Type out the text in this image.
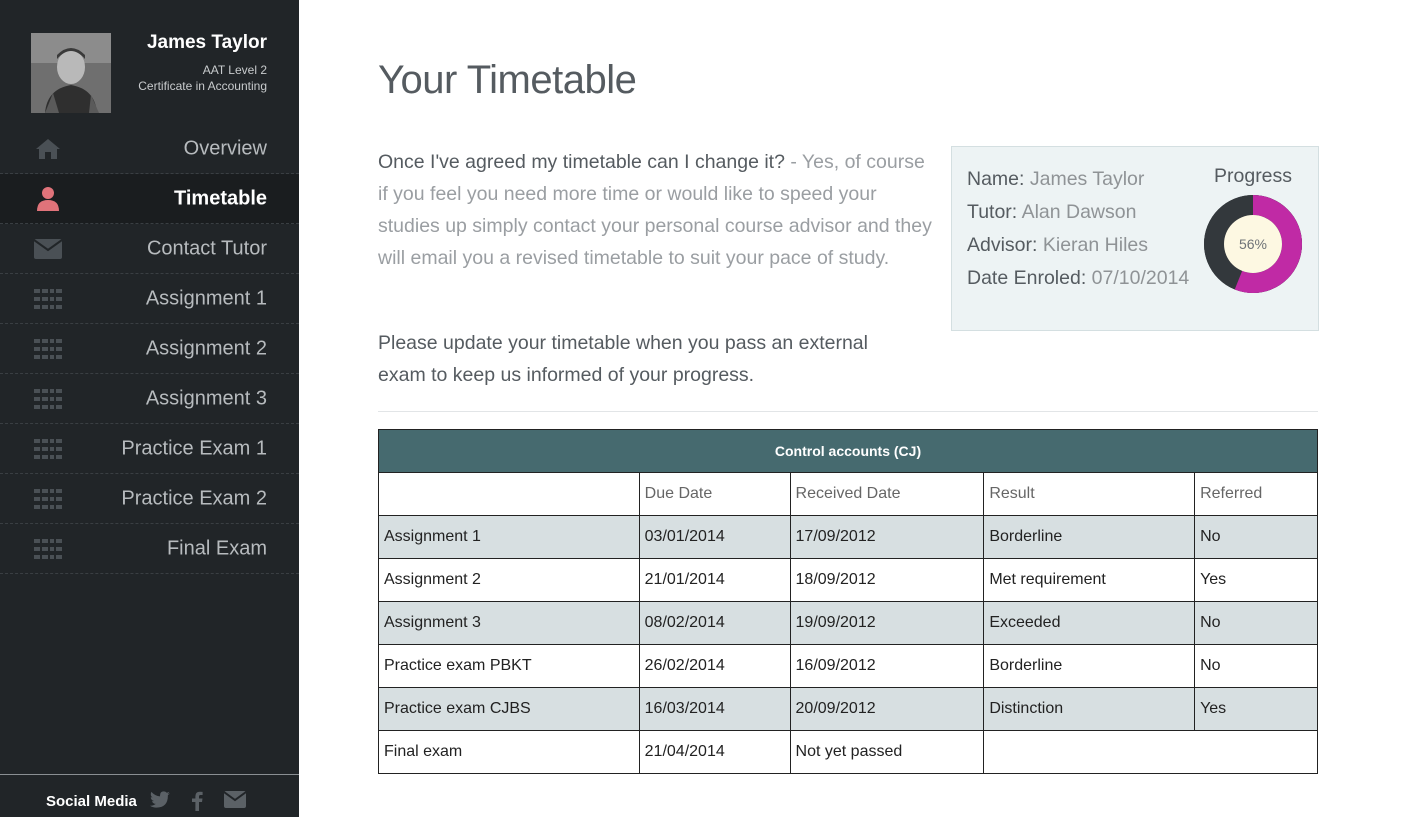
James Taylor
AAT Level 2
Certificate in Accounting
Overview
Timetable
Contact Tutor
Assignment 1
Assignment 2
Assignment 3
Practice Exam 1
Practice Exam 2
Final Exam
Social Media
Your Timetable

Once I've agreed my timetable can I change it? - Yes, of course if you feel you need more time or would like to speed your studies up simply contact your personal course advisor and they will email you a revised timetable to suit your pace of study.

Please update your timetable when you pass an external exam to keep us informed of your progress.

Name: James Taylor
Tutor: Alan Dawson
Advisor: Kieran Hiles
Date Enroled: 07/10/2014
Progress
56%
Control accounts (CJ)				
	Due Date	Received Date	Result	Referred
Assignment 1	03/01/2014	17/09/2012	Borderline	No
Assignment 2	21/01/2014	18/09/2012	Met requirement	Yes
Assignment 3	08/02/2014	19/09/2012	Exceeded	No
Practice exam PBKT	26/02/2014	16/09/2012	Borderline	No
Practice exam CJBS	16/03/2014	20/09/2012	Distinction	Yes
Final exam	21/04/2014	Not yet passed		
